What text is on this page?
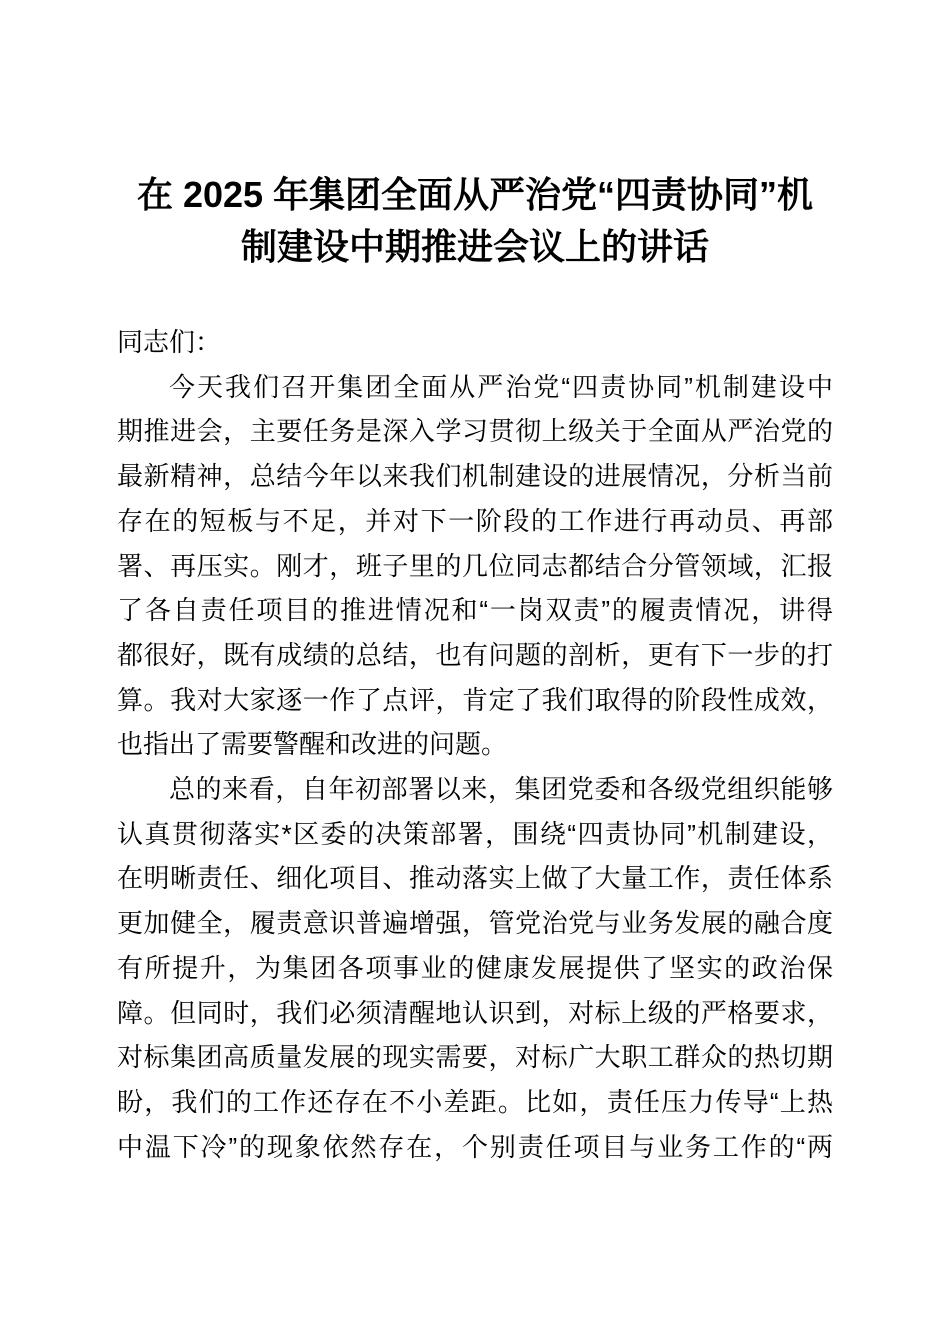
在 2025 年集团全面从严治党“四责协同”机
制建设中期推进会议上的讲话
同志们：
今天我们召开集团全面从严治党“四责协同”机制建设中
期推进会，主要任务是深入学习贯彻上级关于全面从严治党的
最新精神，总结今年以来我们机制建设的进展情况，分析当前
存在的短板与不足，并对下一阶段的工作进行再动员、再部
署、再压实。刚才，班子里的几位同志都结合分管领域，汇报
了各自责任项目的推进情况和“一岗双责”的履责情况，讲得
都很好，既有成绩的总结，也有问题的剖析，更有下一步的打
算。我对大家逐一作了点评，肯定了我们取得的阶段性成效，
也指出了需要警醒和改进的问题。
总的来看，自年初部署以来，集团党委和各级党组织能够
认真贯彻落实*区委的决策部署，围绕“四责协同”机制建设，
在明晰责任、细化项目、推动落实上做了大量工作，责任体系
更加健全，履责意识普遍增强，管党治党与业务发展的融合度
有所提升，为集团各项事业的健康发展提供了坚实的政治保
障。但同时，我们必须清醒地认识到，对标上级的严格要求，
对标集团高质量发展的现实需要，对标广大职工群众的热切期
盼，我们的工作还存在不小差距。比如，责任压力传导“上热
中温下冷”的现象依然存在，个别责任项目与业务工作的“两
